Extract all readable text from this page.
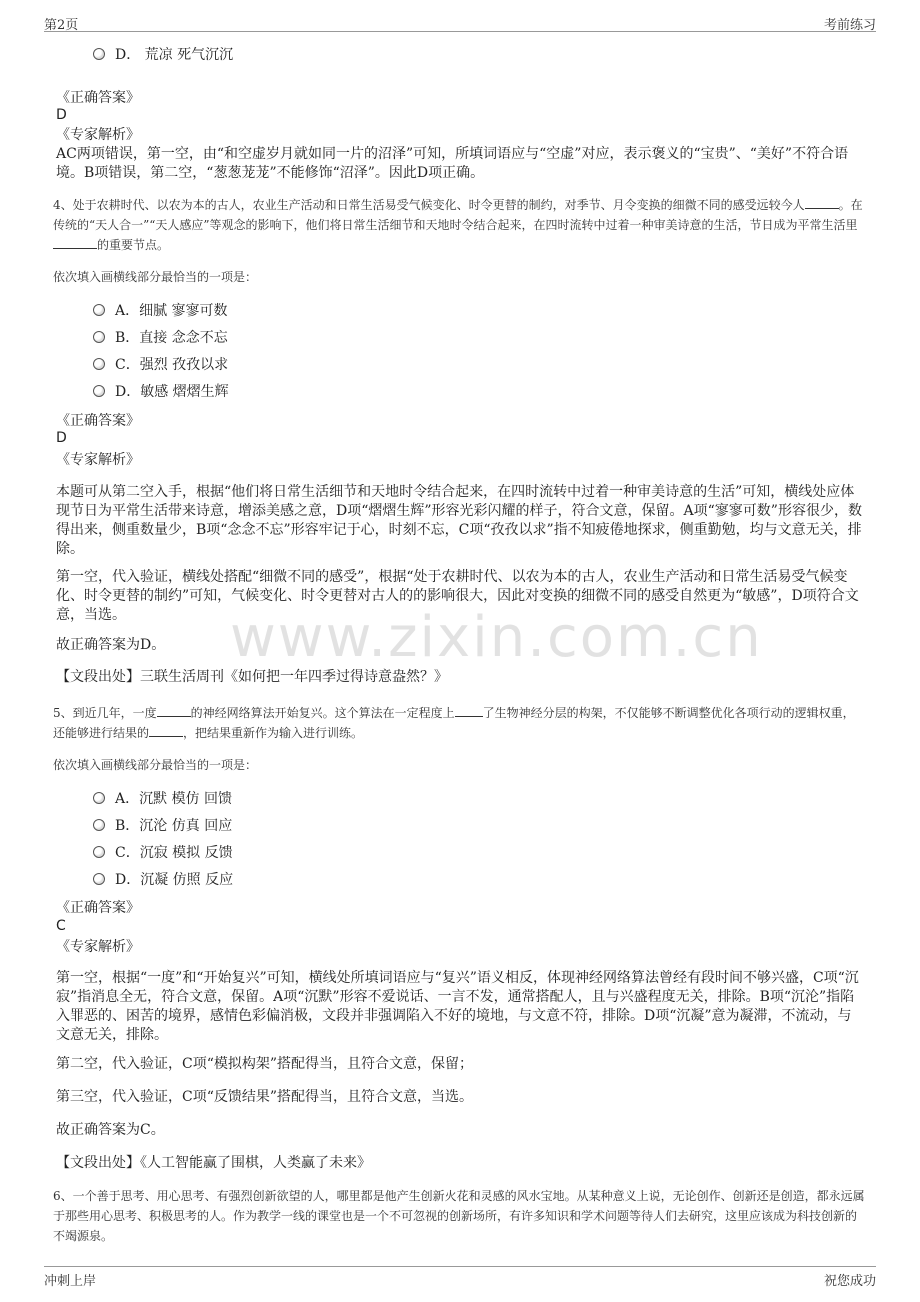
第2页	考前练习
www.zixin.com.cn
D． 荒凉 死气沉沉
《正确答案》
D
《专家解析》
AC两项错误，第一空，由“和空虚岁月就如同一片的沼泽”可知，所填词语应与“空虚”对应，表示褒义的“宝贵”、“美好”不符合语境。B项错误，第二空，“葱葱茏茏”不能修饰“沼泽”。因此D项正确。
4、处于农耕时代、以农为本的古人，农业生产活动和日常生活易受气候变化、时令更替的制约，对季节、月令变换的细微不同的感受远较今人	。在传统的“天人合一”“天人感应”等观念的影响下，他们将日常生活细节和天地时令结合起来，在四时流转中过着一种审美诗意的生活，节日成为平常生活里的重要节点。
依次填入画横线部分最恰当的一项是：
A．细腻 寥寥可数
B．直接 念念不忘
C．强烈 孜孜以求
D．敏感 熠熠生辉
《正确答案》
D
《专家解析》
本题可从第二空入手，根据“他们将日常生活细节和天地时令结合起来，在四时流转中过着一种审美诗意的生活”可知，横线处应体现节日为平常生活带来诗意，增添美感之意，D项“熠熠生辉”形容光彩闪耀的样子，符合文意，保留。A项“寥寥可数”形容很少，数得出来，侧重数量少，B项“念念不忘”形容牢记于心，时刻不忘，C项“孜孜以求”指不知疲倦地探求，侧重勤勉，均与文意无关，排除。
第一空，代入验证，横线处搭配“细微不同的感受”，根据“处于农耕时代、以农为本的古人，农业生产活动和日常生活易受气候变化、时令更替的制约”可知，气候变化、时令更替对古人的的影响很大，因此对变换的细微不同的感受自然更为“敏感”，D项符合文意，当选。
故正确答案为D。
【文段出处】三联生活周刊《如何把一年四季过得诗意盎然？》
5、到近几年，一度	的神经网络算法开始复兴。这个算法在一定程度上 了生物神经分层的构架，不仅能够不断调整优化各项行动的逻辑权重，还能够进行结果的	，把结果重新作为输入进行训练。
依次填入画横线部分最恰当的一项是：
A．沉默 模仿 回馈
B．沉沦 仿真 回应
C．沉寂 模拟 反馈
D．沉凝 仿照 反应
《正确答案》
C
《专家解析》
第一空，根据“一度”和“开始复兴”可知，横线处所填词语应与“复兴”语义相反，体现神经网络算法曾经有段时间不够兴盛，C项“沉寂”指消息全无，符合文意，保留。A项“沉默”形容不爱说话、一言不发，通常搭配人，且与兴盛程度无关，排除。B项“沉沦”指陷入罪恶的、困苦的境界，感情色彩偏消极，文段并非强调陷入不好的境地，与文意不符，排除。D项“沉凝”意为凝滞，不流动，与文意无关，排除。
第二空，代入验证，C项“模拟构架”搭配得当，且符合文意，保留；
第三空，代入验证，C项“反馈结果”搭配得当，且符合文意，当选。
故正确答案为C。
【文段出处】《人工智能赢了围棋，人类赢了未来》
6、一个善于思考、用心思考、有强烈创新欲望的人，哪里都是他产生创新火花和灵感的风水宝地。从某种意义上说，无论创作、创新还是创造，都永远属于那些用心思考、积极思考的人。作为教学一线的课堂也是一个不可忽视的创新场所，有许多知识和学术问题等待人们去研究，这里应该成为科技创新的不竭源泉。
冲刺上岸	祝您成功
